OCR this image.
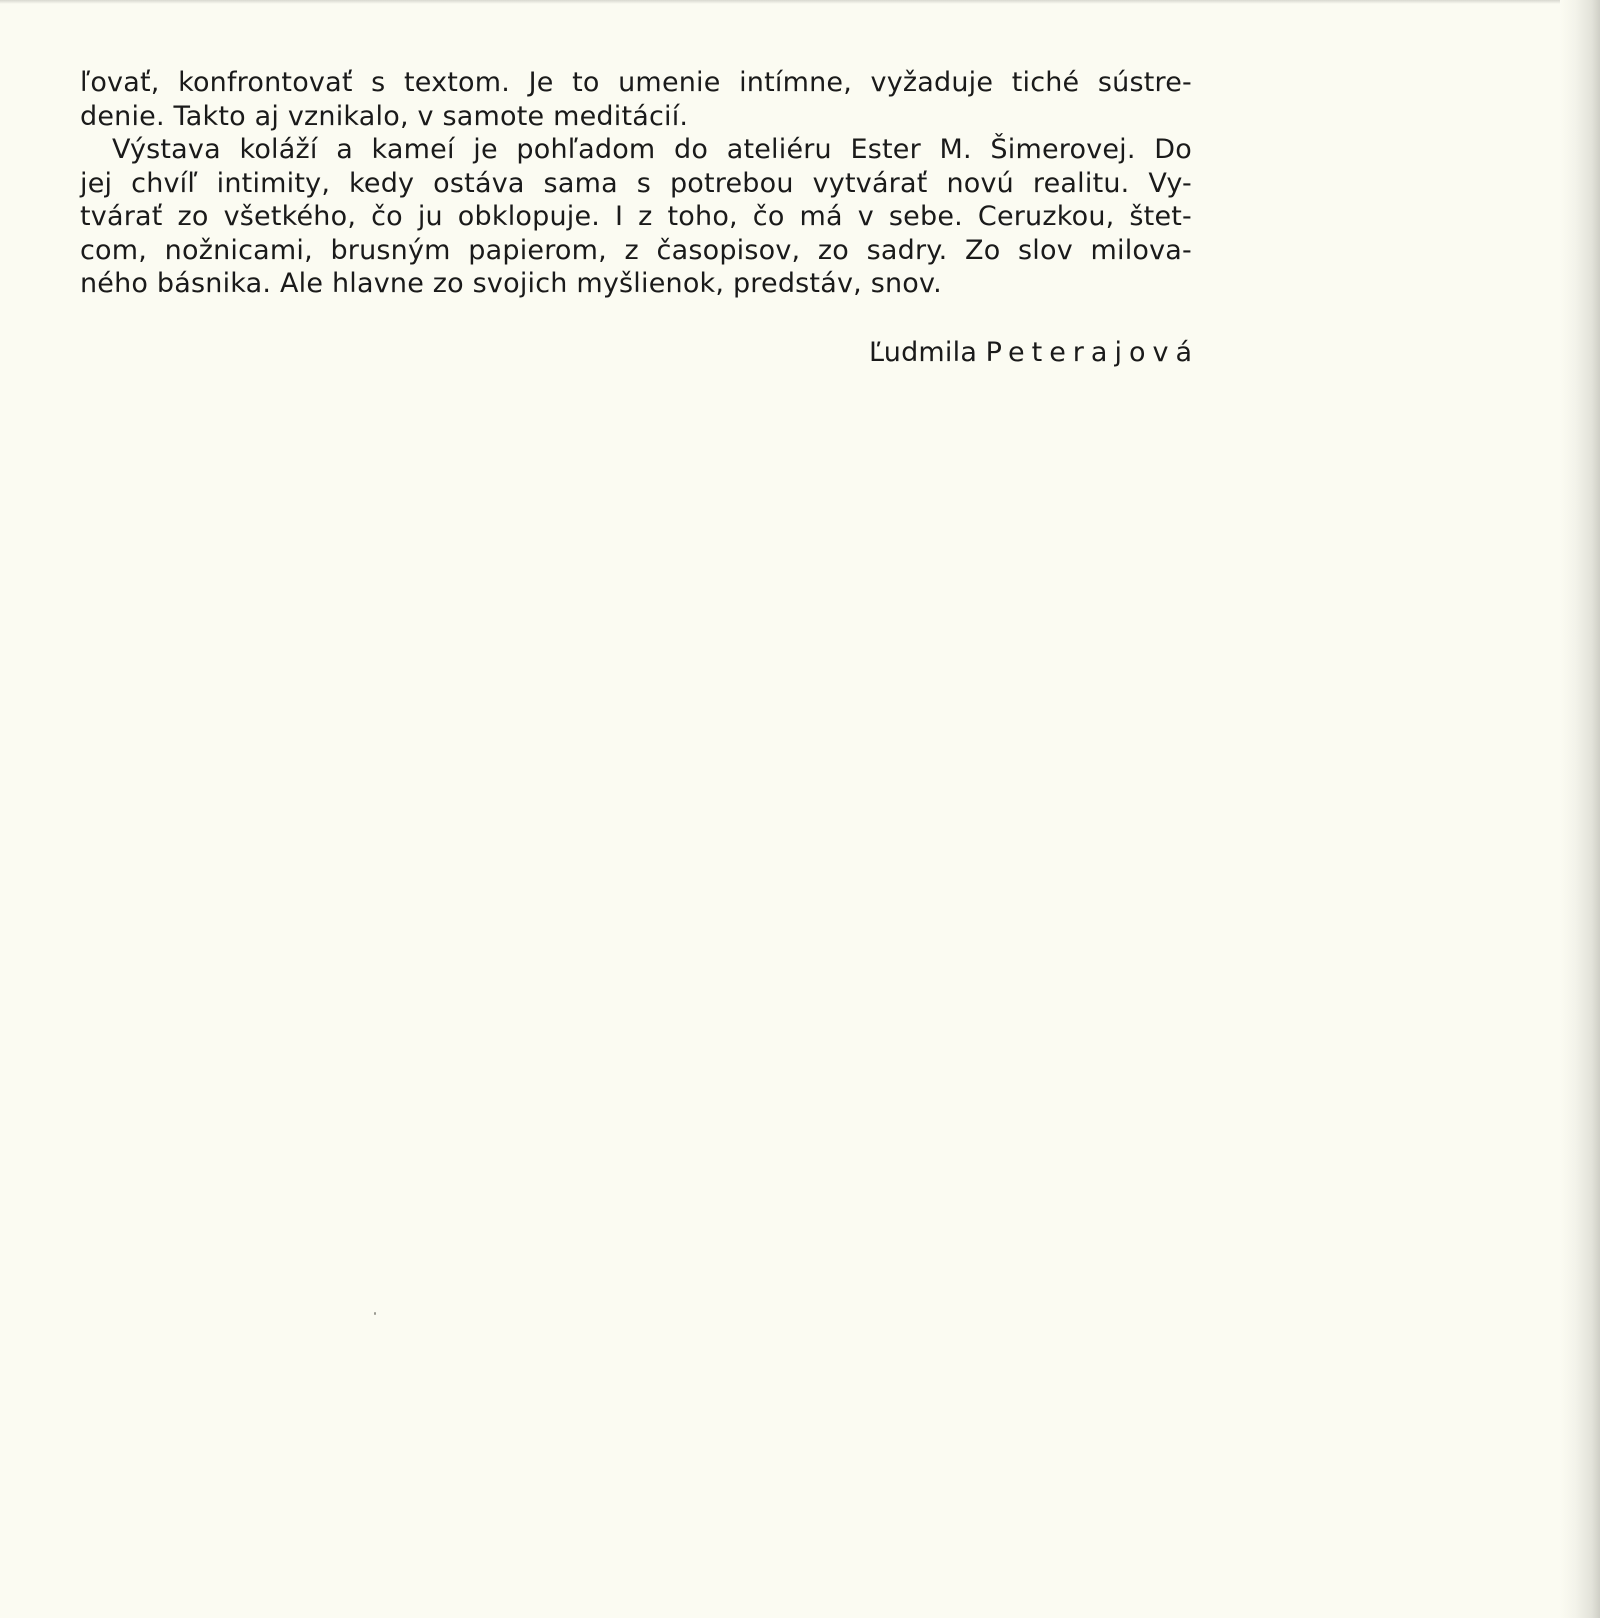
ľovať, konfrontovať s textom. Je to umenie intímne, vyžaduje tiché sústre-
denie. Takto aj vznikalo, v samote meditácií.
Výstava koláží a kameí je pohľadom do ateliéru Ester M. Šimerovej. Do
jej chvíľ intimity, kedy ostáva sama s potrebou vytvárať novú realitu. Vy-
tvárať zo všetkého, čo ju obklopuje. I z toho, čo má v sebe. Ceruzkou, štet-
com, nožnicami, brusným papierom, z časopisov, zo sadry. Zo slov milova-
ného básnika. Ale hlavne zo svojich myšlienok, predstáv, snov.
Ľudmila Peterajová
